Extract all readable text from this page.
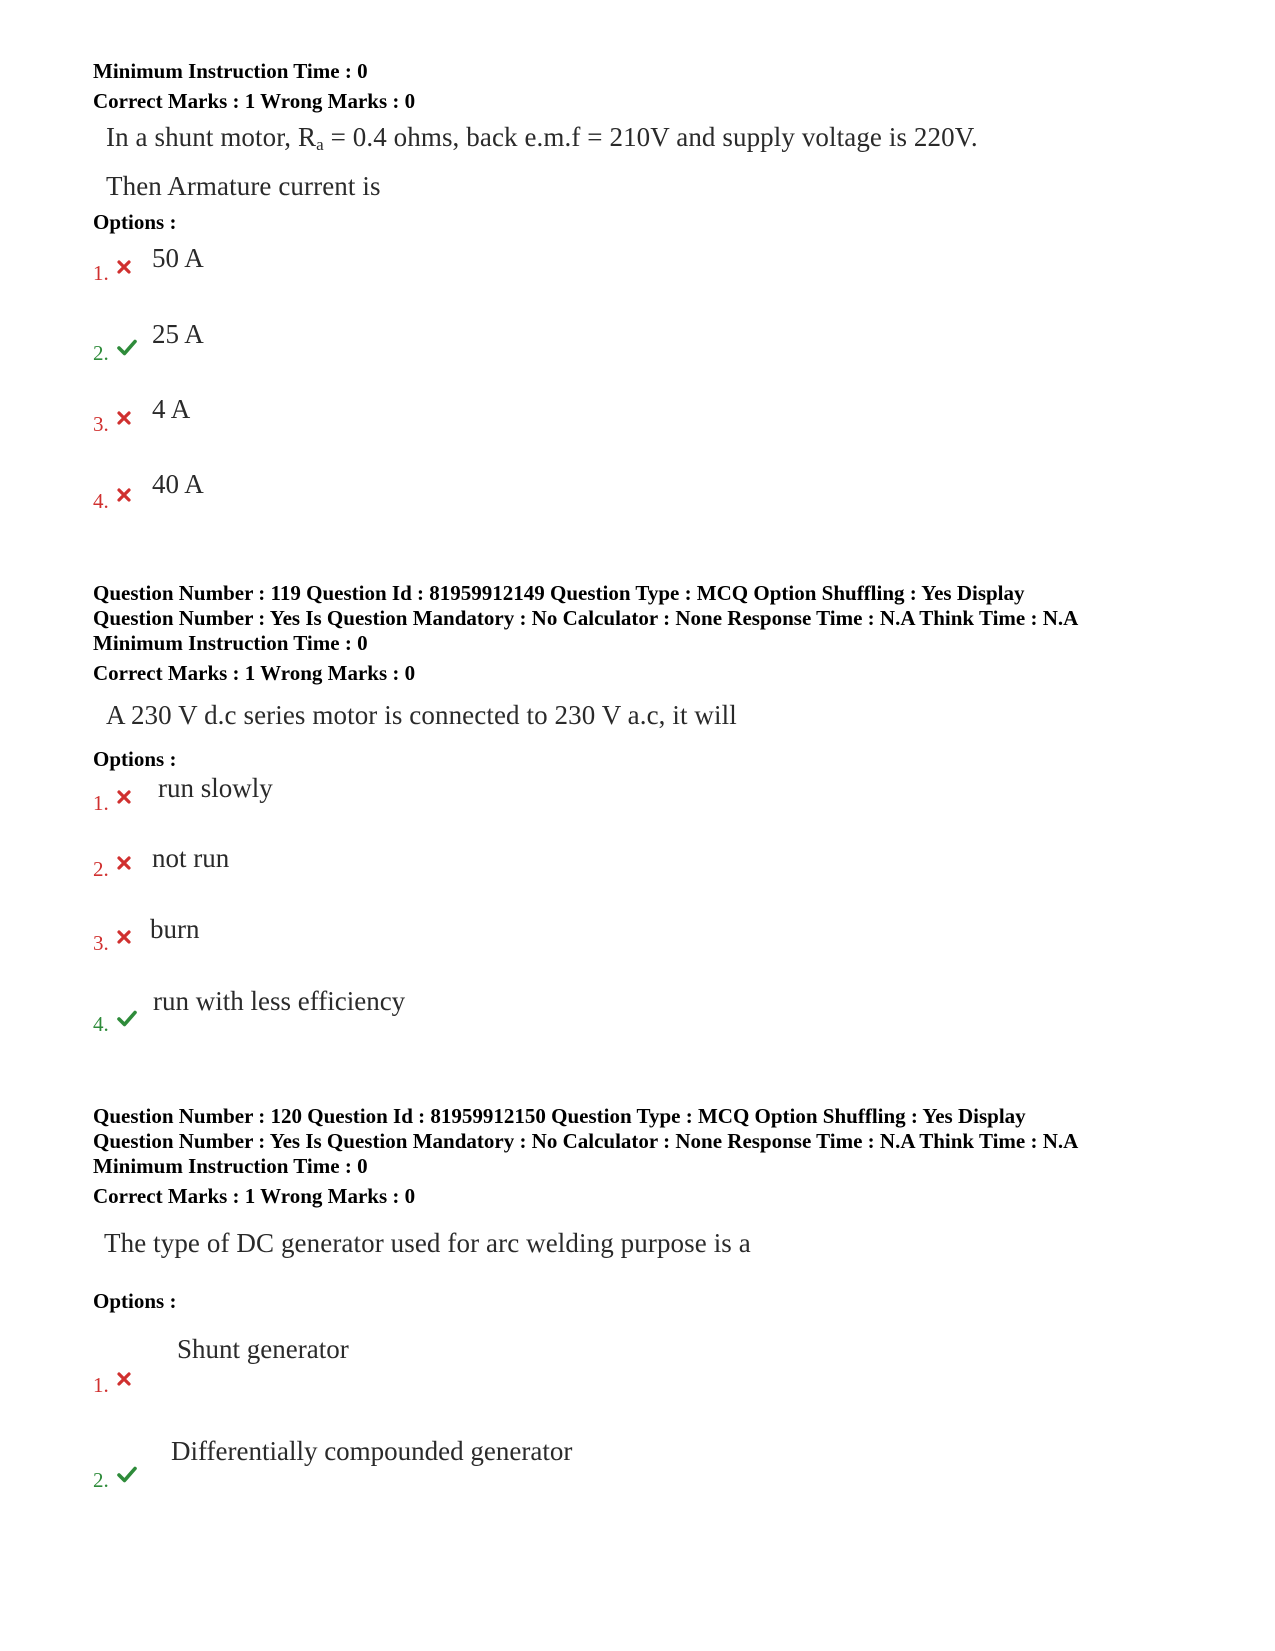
Minimum Instruction Time : 0
Correct Marks : 1 Wrong Marks : 0
In a shunt motor, $R_a = 0.4$ ohms, back e.m.f = 210V and supply voltage is 220V.
Then Armature current is
Options :
1. 50 A
2.
25 A
3. 4 A
4.
40 A
Question Number : 119 Question Id : 81959912149 Question Type : MCQ Option Shuffling : Yes Display
Question Number : Yes Is Question Mandatory : No Calculator : None Response Time : N.A Think Time : N.A
Minimum Instruction Time : 0
Correct Marks : 1 Wrong Marks : 0
A 230 V d.c series motor is connected to 230 V a.c, it will
Options :
1. run slowly
2. not run
3. burn
4.
run with less efficiency
Question Number : 120 Question Id : 81959912150 Question Type : MCQ Option Shuffling : Yes Display
Question Number : Yes Is Question Mandatory : No Calculator : None Response Time : N.A Think Time : N.A
Minimum Instruction Time : 0
Correct Marks : 1 Wrong Marks : 0
The type of DC generator used for arc welding purpose is a
Options :
1.
Shunt generator
2.
Differentially compounded generator
